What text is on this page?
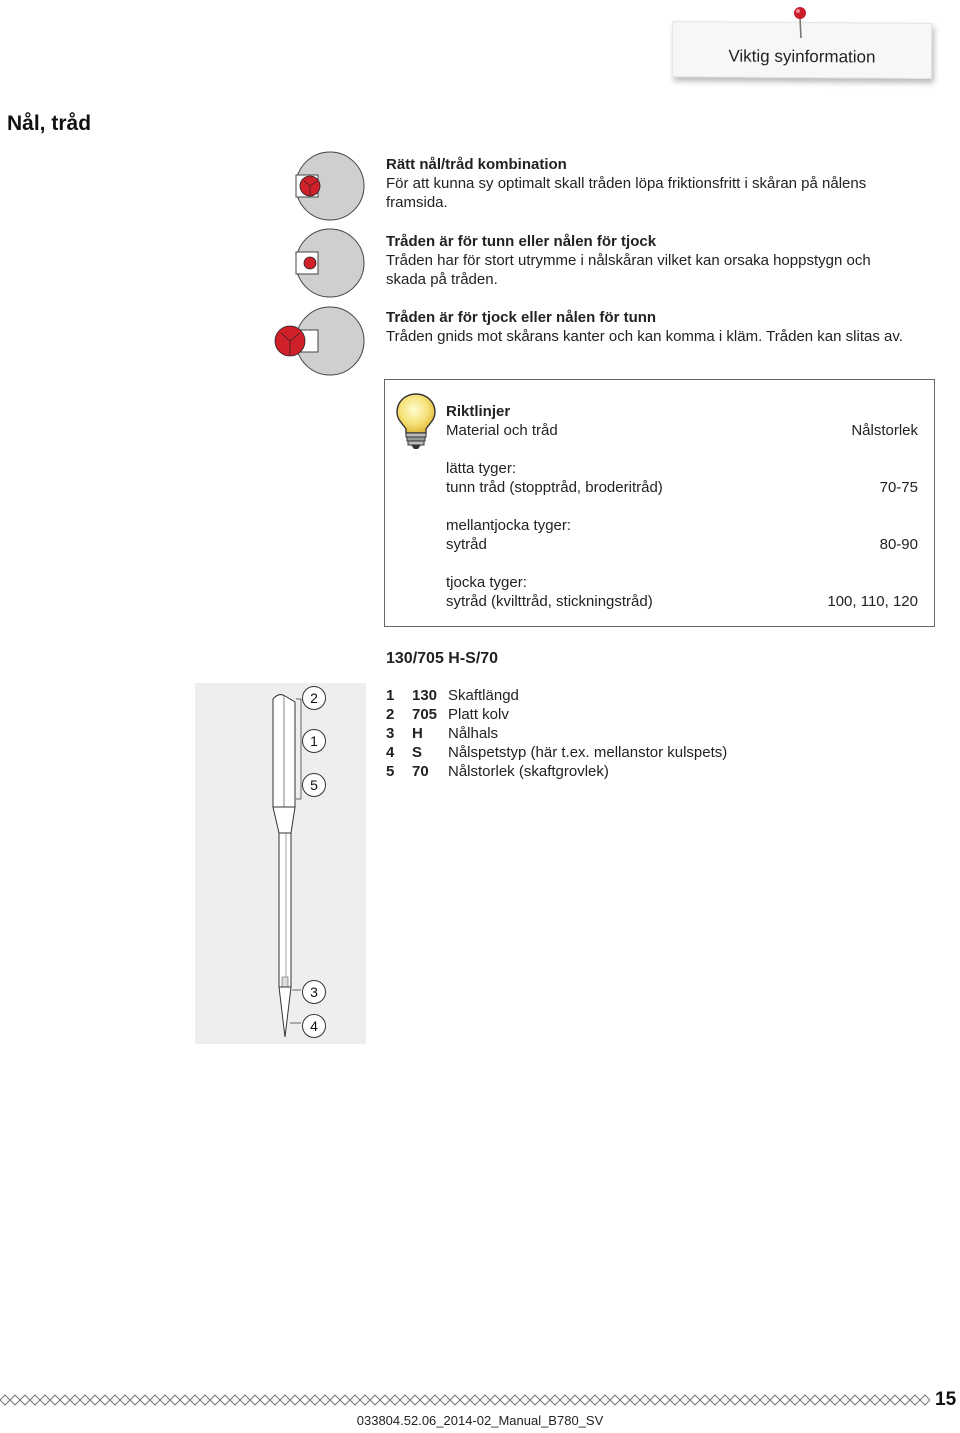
Viktig syinformation
Nål, tråd
Rätt nål/tråd kombination
För att kunna sy optimalt skall tråden löpa friktionsfritt i skåran på nålens
framsida.
Tråden är för tunn eller nålen för tjock
Tråden har för stort utrymme i nålskåran vilket kan orsaka hoppstygn och
skada på tråden.
Tråden är för tjock eller nålen för tunn
Tråden gnids mot skårans kanter och kan komma i kläm. Tråden kan slitas av.
Riktlinjer
Material och tråd	Nålstorlek
lätta tyger:
tunn tråd (stopptråd, broderitråd)	70-75
mellantjocka tyger:
sytråd	80-90
tjocka tyger:
sytråd (kvilttråd, stickningstråd)	100, 110, 120
130/705 H-S/70
2
1
5
3
4
1	130	Skaftlängd
2	705	Platt kolv
3	H	Nålhals
4	S	Nålspetstyp (här t.ex. mellanstor kulspets)
5	70	Nålstorlek (skaftgrovlek)
15
033804.52.06_2014-02_Manual_B780_SV
